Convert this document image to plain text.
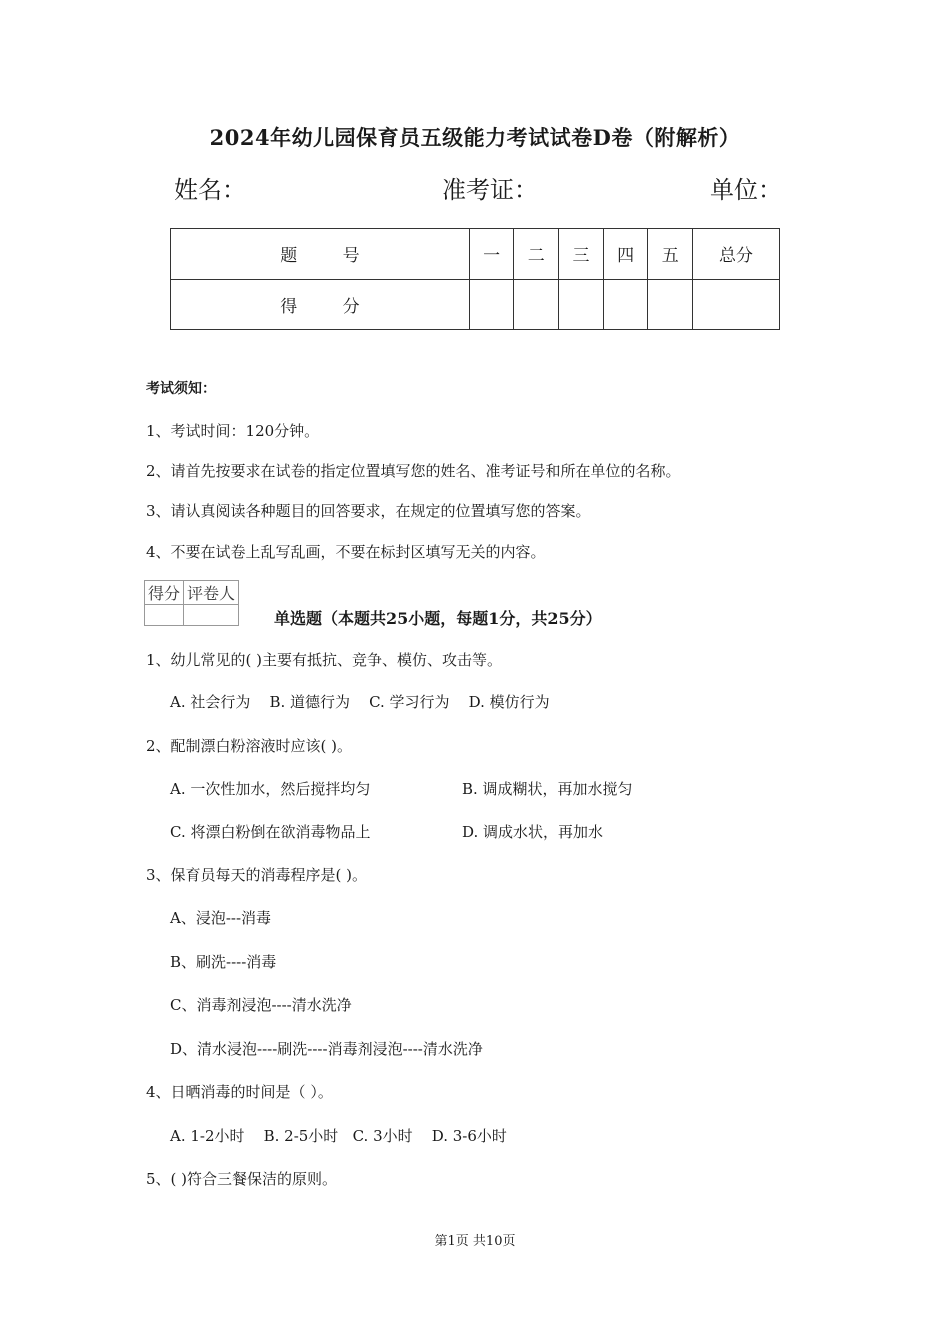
2024年幼儿园保育员五级能力考试试卷D卷（附解析）
姓名：	准考证：	单位：
题 号	一	二	三	四	五	总分
得 分						
考试须知：
1、考试时间：120分钟。
2、请首先按要求在试卷的指定位置填写您的姓名、准考证号和所在单位的名称。
3、请认真阅读各种题目的回答要求，在规定的位置填写您的答案。
4、不要在试卷上乱写乱画，不要在标封区填写无关的内容。
得分	评卷人

单选题（本题共25小题，每题1分，共25分）
1、幼儿常见的( )主要有抵抗、竞争、模仿、攻击等。
A. 社会行为    B. 道德行为    C. 学习行为    D. 模仿行为
2、配制漂白粉溶液时应该( )。
A. 一次性加水，然后搅拌均匀	B. 调成糊状，再加水搅匀
C. 将漂白粉倒在欲消毒物品上	D. 调成水状，再加水
3、保育员每天的消毒程序是( )。
A、浸泡---消毒
B、刷洗----消毒
C、消毒剂浸泡----清水洗净
D、清水浸泡----刷洗----消毒剂浸泡----清水洗净
4、日晒消毒的时间是（ ）。
A. 1-2小时    B. 2-5小时   C. 3小时    D. 3-6小时
5、( )符合三餐保洁的原则。
第1页 共10页
